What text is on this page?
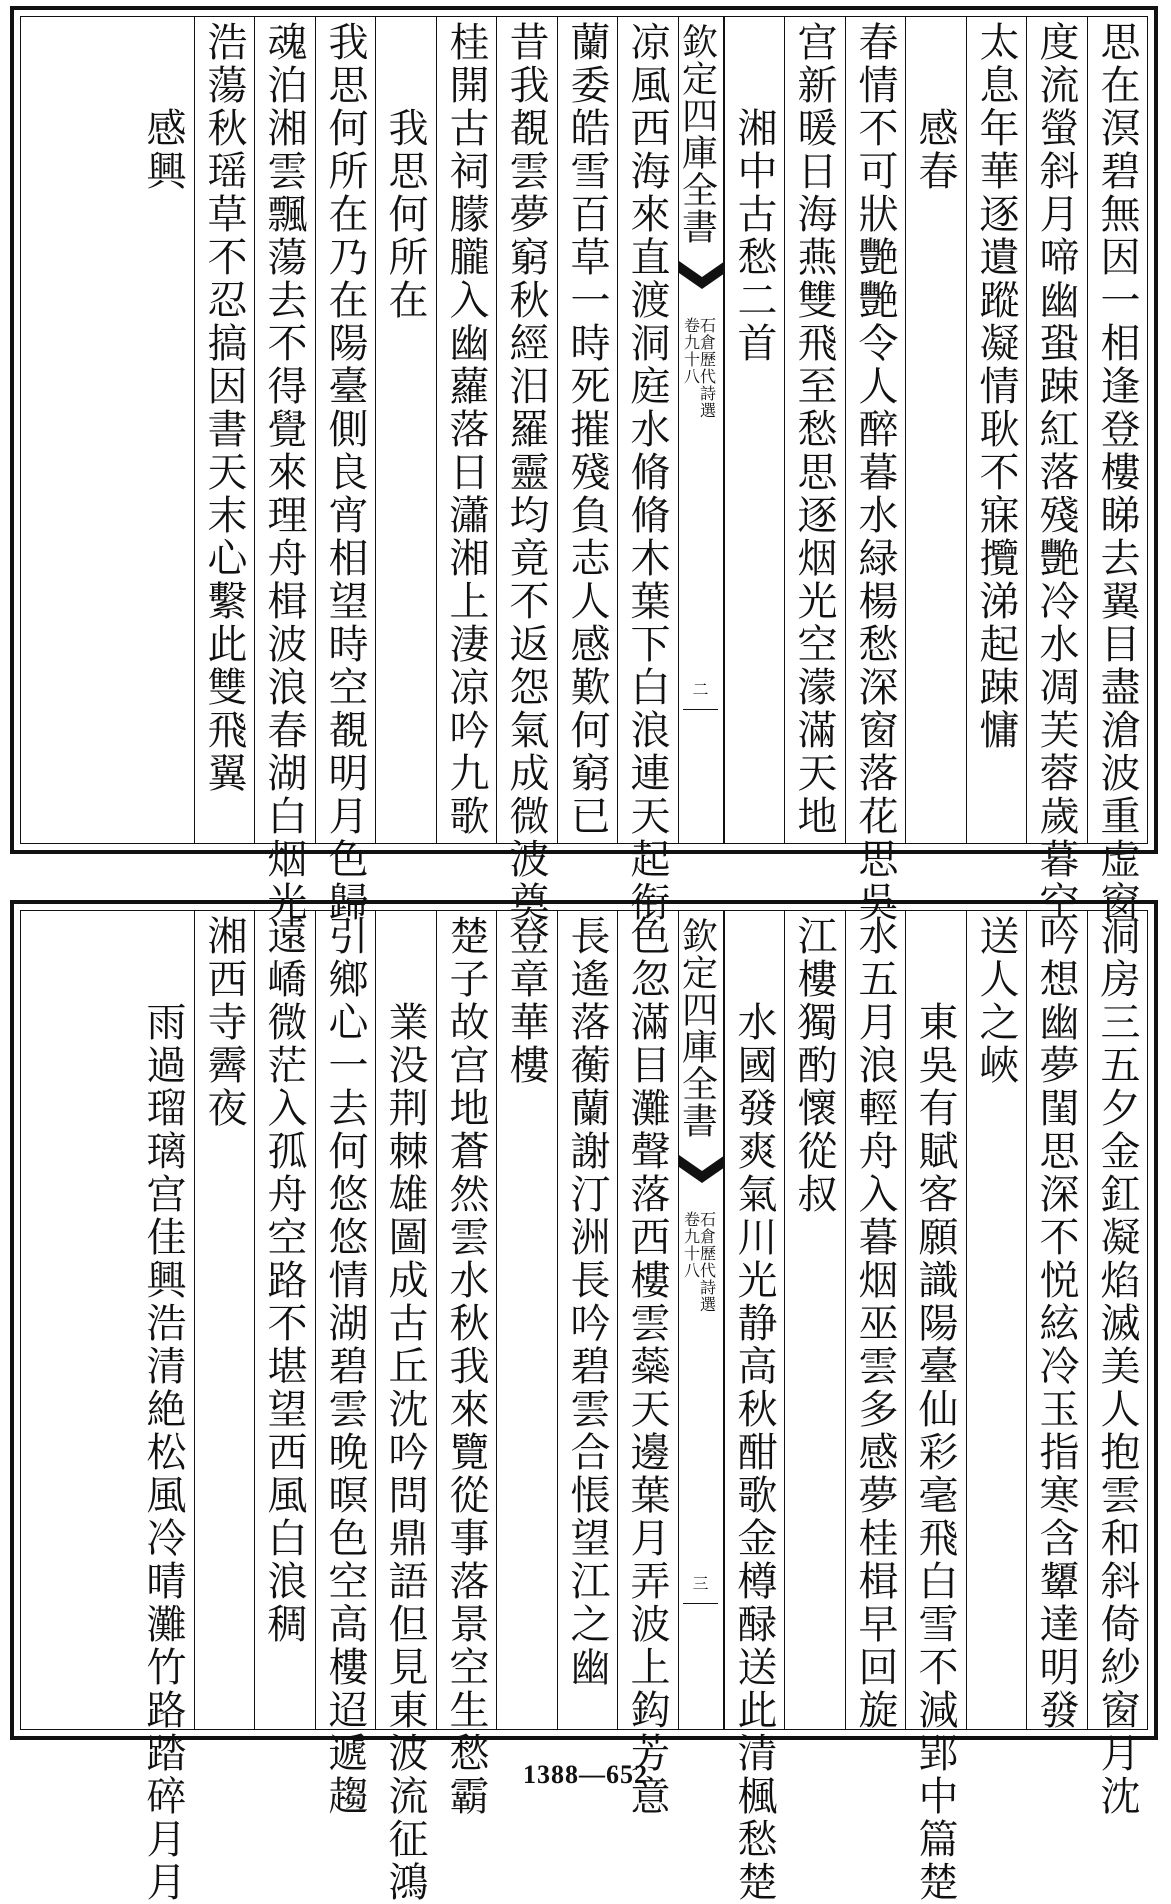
思在溟碧無因一相逢登樓睇去翼目盡滄波重虚窗
度流螢斜月啼幽蛩踈紅落殘艷冷水凋芙蓉歲暮空
太息年華逐遺蹤凝情耿不寐攬涕起踈慵
感春
春情不可狀艷艷令人醉暮水緑楊愁深窗落花思吳
宫新暖日海燕雙飛至愁思逐烟光空濛滿天地
湘中古愁二首
欽定四庫全書
石倉歷代詩選
卷九十八
二
凉風西海來直渡洞庭水脩脩木葉下白浪連天起衔
蘭委皓雪百草一時死摧殘負志人感歎何窮已
昔我覩雲夢窮秋經汨羅靈均竟不返怨氣成微波奠
桂開古祠朦朧入幽蘿落日瀟湘上淒凉吟九歌
我思何所在
我思何所在乃在陽臺側良宵相望時空覩明月色歸
魂泊湘雲飄蕩去不得覺來理舟楫波浪春湖白烟光
浩蕩秋瑶草不忍搞因書天末心繫此雙飛翼
感興
洞房三五夕金釭凝焰滅美人抱雲和斜倚紗窗月沈
吟想幽夢閨思深不悦絃冷玉指寒含顰達明發
送人之峽
東吳有賦客願識陽臺仙彩毫飛白雪不減郢中篇楚
水五月浪輕舟入暮烟巫雲多感夢桂楫早回旋
江樓獨酌懷從叔
水國發爽氣川光静高秋酣歌金樽醁送此清楓愁楚
欽定四庫全書
石倉歷代詩選
卷九十八
三
色忽滿目灘聲落西樓雲蘂天邊葉月弄波上鈎芳意
長遙落蘅蘭謝汀洲長吟碧雲合悵望江之幽
登章華樓
楚子故宫地蒼然雲水秋我來覽從事落景空生愁霸
業没荆棘雄圖成古丘沈吟問鼎語但見東波流征鴻
引鄉心一去何悠悠情湖碧雲晚暝色空高樓迢遞趨
遠嶠微茫入孤舟空路不堪望西風白浪稠
湘西寺霽夜
雨過瑠璃宫佳興浩清絶松風冷晴灘竹路踏碎月月	1388—652
